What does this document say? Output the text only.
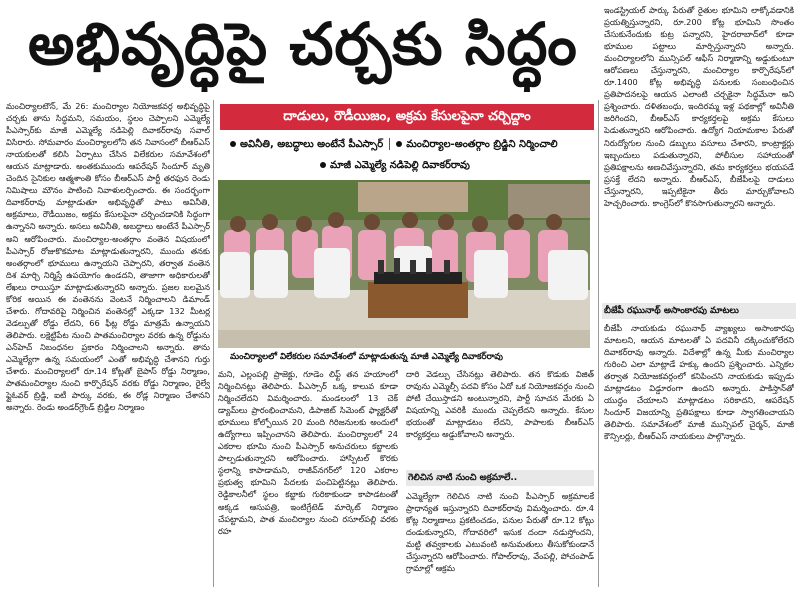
అభివృద్ధిపై చర్చకు సిద్ధం

మంచిర్యాలటౌన్, మే 26: మంచిర్యాల నియోజకవర్గ అభివృద్ధిపై చర్చకు తాను సిద్ధమని, సమయం, స్థలం చెప్పాలని ఎమ్మెల్యే పీఎస్సార్‌కు మాజీ ఎమ్మెల్యే నడిపెల్లి దివాకర్‌రావు సవాల్ విసిరారు. సోమవారం మంచిర్యాలలోని తన నివాసంలో బీఆర్ఎస్ నాయకులతో కలిసి ఏర్పాటు చేసిన విలేకరుల సమావేశంలో ఆయన మాట్లాడారు. అంతకుముందు ఆపరేషన్ సిందూర్ మృతి చెందిన సైనికుల ఆత్మశాంతి కోసం బీఆర్ఎస్ పార్టీ తరఫున రెండు నిమిషాలు మౌనం పాటించి నివాళులర్పించారు. ఈ సందర్భంగా దివాకర్‌రావు మాట్లాడుతూ అభివృద్ధితో పాటు అవినీతి, అక్రమాలు, రౌడీయిజం, అక్రమ కేసులపైనా చర్చించడానికి సిద్ధంగా ఉన్నానని అన్నారు. అసలు అవినీతి, అబద్ధాలు అంటేనే పీఎస్సార్ అని ఆరోపించారు. మంచిర్యాల-అంతర్గాం వంతెన విషయంలో పీఎస్సార్ రోజుకొకమాట మాట్లాడుతున్నారని, ముందు తనకు అంతర్గాంలో భూములు ఉన్నాయని చెప్పారని, తర్వాత వంతెన దిశ మార్చి నిర్మిస్తే ఉపయోగం ఉండదని, తాజాగా అధికారులతో లేఖలు రాయిస్తూ మాట్లాడుతున్నారని అన్నారు. ప్రజల బలమైన కోరిక అయిన ఈ వంతెనను వెంటనే నిర్మించాలని డిమాండ్ చేశారు. గోదావరిపై నిర్మించిన వంతెనల్లో ఎక్కడా 132 మీటర్ల వెడల్పుతో రోడ్డు లేదని, 66 ఫీట్ల రోడ్డు మాత్రమే ఉన్నాయని తెలిపారు. లక్షెట్టిపేట నుంచి పాతమంచిర్యాల వరకు ఉన్న రోడ్డును ఎన్‌హెచ్ నిబంధనల ప్రకారం నిర్మించాలని అన్నారు. తాను ఎమ్మెల్యేగా ఉన్న సమయంలో ఎంతో అభివృద్ధి చేశానని గుర్తు చేశారు. మంచిర్యాలలో రూ.14 కోట్లతో బైపాస్ రోడ్డు నిర్మాణం, పాతమంచిర్యాల నుంచి కార్పొరేషన్ వరకు రోడ్డు నిర్మాణం, రైల్వే ఫ్లైఓవర్ బ్రిడ్జి, ఐటీ పార్కు వరకు, ఈ రోడ్ల నిర్మాణం చేశానని అన్నారు. రెండు అండర్‌గ్రౌండ్ బ్రిడ్జిల నిర్మాణం

దాడులు, రౌడీయిజం, అక్రమ కేసులపైనా చర్చిద్దాం
అవినీతి, అబద్ధాలు అంటేనే పీఎస్సార్ మంచిర్యాల-అంతర్గాం బ్రిడ్జిని నిర్మించాలి
మాజీ ఎమ్మెల్యే నడిపెల్లి దివాకర్‌రావు
మంచిర్యాలలో విలేకరుల సమావేశంలో మాట్లాడుతున్న మాజీ ఎమ్మెల్యే దివాకర్‌రావు

మని, ఎల్లంపల్లి ప్రాజెక్టు, గూడెం లిఫ్ట్ తన హయాంలో నిర్మించినట్లు తెలిపారు. పీఎస్సార్ ఒక్క కాలువ కూడా నిర్మించలేదని విమర్శించారు. మండలంలో 13 చెక్ డ్యామ్‌లు ప్రారంభించామని, డిపాజిట్ సిమెంట్ ఫ్యాక్టరీతో భూములు కోల్పోయిన 20 మంది గిరిజనులకు అందులో ఉద్యోగాలు ఇప్పించానని తెలిపారు. మంచిర్యాలలో 24 ఎకరాల భూమి నుంచి పీఎస్సార్ అనుచరులు కబ్జాలకు పాల్పడుతున్నారని ఆరోపించారు. హాస్పిటల్ కొరకు స్థలాన్ని కాపాడామని, రాజీవ్‌నగర్‌లో 120 ఎకరాల ప్రభుత్వ భూమిని పేదలకు పంచిపెట్టినట్లు తెలిపారు. రెడ్డికాలనీలో స్థలం కబ్జాకు గురికాకుండా కాపాడటంతో అక్కడ ఆసుపత్రి, ఇంటిగ్రేటెడ్ మార్కెట్ నిర్మాణం చేపట్టామని, పాత మంచిర్యాల నుంచి రసూల్‌పల్లి వరకు రహ

దారి వెడల్పు చేసినట్లు తెలిపారు. తన కొడుకు విజిత్ రావును ఎమ్మెల్సీ పదవి కోసం ఏదో ఒక నియోజకవర్గం నుంచి పోటీ చేయిస్తాడని అంటున్నారని, పార్టీ సూచన మేరకు ఏ విషయాన్ని ఎవరికీ ముందు చెప్పలేదని అన్నారు. కేసుల భయంతో మాట్లాడటం లేదని, పాపాలకు బీఆర్ఎస్ కార్యకర్తలు అడ్డుకోవాలని అన్నారు.

గెలిచిన నాటి నుంచి అక్రమాలే..

ఎమ్మెల్యేగా గెలిచిన నాటి నుంచి పీఎస్సార్ అక్రమాలకే ప్రాధాన్యత ఇస్తున్నారని దివాకర్‌రావు విమర్శించారు. రూ.4 కోట్ల నిర్మాణాలు ప్రకటించడం, పనుల పేరుతో రూ.12 కోట్లు దండుకున్నారని, గోదావరిలో ఇసుక దందా నడుస్తోందని, మట్టి తవ్వకాలకు ఎటువంటి అనుమతులు తీసుకోకుండానే చేస్తున్నారని ఆరోపించారు. గోపాల్‌రావు, వేంపల్లి, పోచంపాడ్ గ్రామాల్లో ఆక్రమ

ఇండస్ట్రియల్ పార్కు పేరుతో రైతుల భూమిని లాక్కోవడానికి ప్రయత్నిస్తున్నారని, రూ.200 కోట్ల భూమిని సొంతం చేసుకునేందుకు కుట్ర పన్నారని, హైదరాబాద్‌లో కూడా భూముల పట్టాలు మార్పిస్తున్నారని అన్నారు. మంచిర్యాలలోని మున్సిపల్ ఆఫీస్ నిర్మాణాన్ని అడ్డుకుంటూ ఆరోపణలు చేస్తున్నారని, మంచిర్యాల కార్పొరేషన్‌లో రూ.1400 కోట్ల అభివృద్ధి పనులకు సంబంధించిన ప్రతిపాదనలపై ఆయన ఎలాంటి చర్చకైనా సిద్ధమేనా అని ప్రశ్నించారు. దళితబంధు, ఇందిరమ్మ ఇళ్ల పథకాల్లో అవినీతి జరిగిందని, బీఆర్ఎస్ కార్యకర్తలపై అక్రమ కేసులు పెడుతున్నారని ఆరోపించారు. ఉద్యోగ నియామకాల పేరుతో నిరుద్యోగుల నుంచి డబ్బులు వసూలు చేశారని, కాంట్రాక్టర్లు ఇబ్బందులు పడుతున్నారని, పోలీసుల సహాయంతో ప్రతిపక్షాలను అణచివేస్తున్నారని, తమ కార్యకర్తలు భయపడే ప్రసక్తే లేదని అన్నారు. బీఆర్ఎస్, బీజేపీలపై దాడులు చేస్తున్నారని, ఇప్పటికైనా తీరు మార్చుకోవాలని హెచ్చరించారు. కాంగ్రెస్‌లో కొనసాగుతున్నారని అన్నారు.

బీజేపీ రఘునాథ్ అసాంకారపు మాటలు

బీజేపీ నాయకుడు రఘునాథ్ వ్యాఖ్యలు అసాంకారపు మాటలని, ఆయన మాటలతో ఏ పదవినీ దక్కించుకోలేరని దివాకర్‌రావు అన్నారు. విదేశాల్లో ఉన్న మీకు మంచిర్యాల గురించి ఎలా మాట్లాడే హక్కు ఉందని ప్రశ్నించారు. ఎన్నికల తర్వాత నియోజకవర్గంలో కనిపించని నాయకుడు ఇప్పుడు మాట్లాడటం విడ్డూరంగా ఉందని అన్నారు. పాకిస్తాన్‌తో యుద్ధం చేయాలని మాట్లాడటం సరికాదని, ఆపరేషన్ సిందూర్ విజయాన్ని ప్రతిపక్షాలు కూడా స్వాగతించాయని తెలిపారు. సమావేశంలో మాజీ మున్సిపల్ చైర్మన్, మాజీ కౌన్సిలర్లు, బీఆర్ఎస్ నాయకులు పాల్గొన్నారు.
